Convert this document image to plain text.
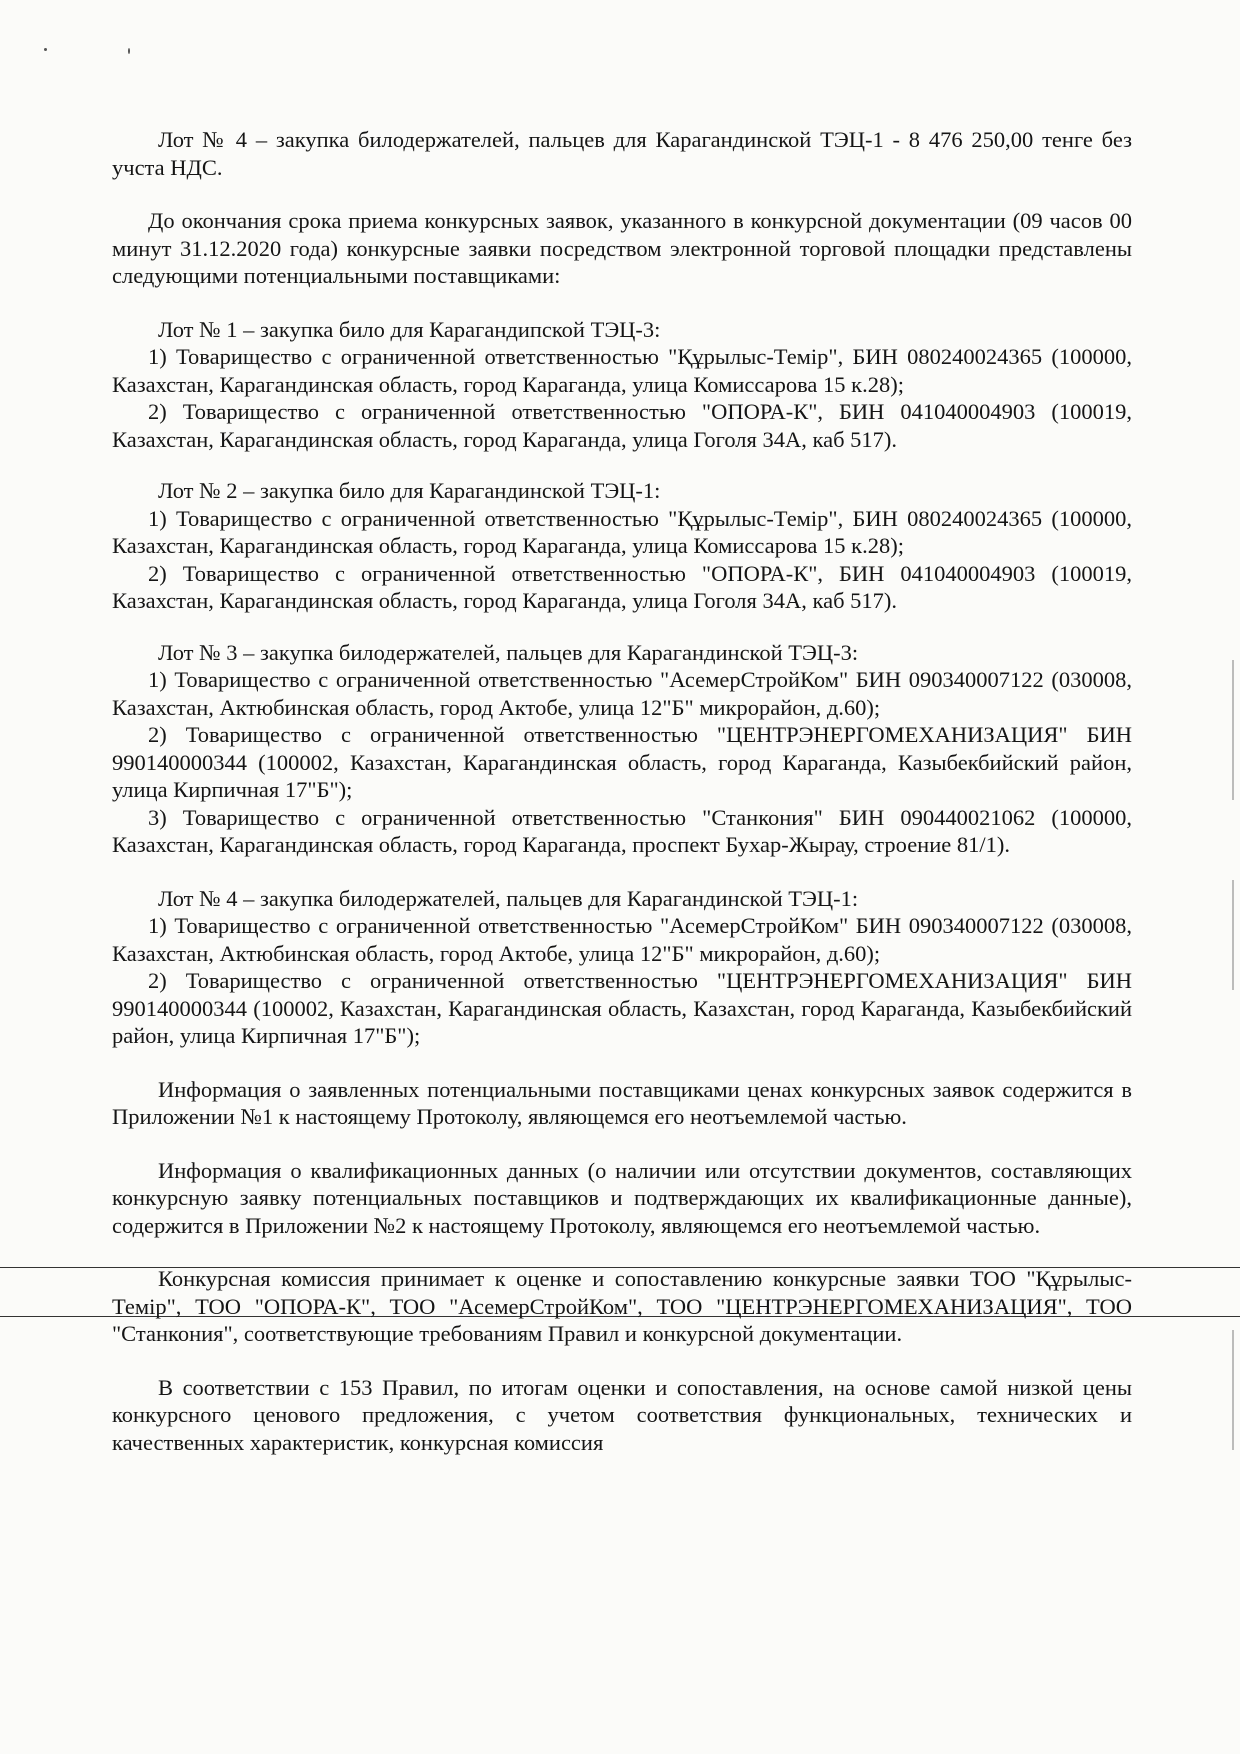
Лот № 4 – закупка билодержателей, пальцев для Карагандинской ТЭЦ-1 - 8 476 250,00 тенге без учста НДС.

До окончания срока приема конкурсных заявок, указанного в конкурсной документации (09 часов 00 минут 31.12.2020 года) конкурсные заявки посредством электронной торговой площадки представлены следующими потенциальными поставщиками:

Лот № 1 – закупка било для Карагандипской ТЭЦ-3:

1) Товарищество с ограниченной ответственностью "Құрылыс-Темір", БИН 080240024365 (100000, Казахстан, Карагандинская область, город Караганда, улица Комиссарова 15 к.28);

2) Товарищество с ограниченной ответственностью "ОПОРА-К", БИН 041040004903 (100019, Казахстан, Карагандинская область, город Караганда, улица Гоголя 34А, каб 517).

Лот № 2 – закупка било для Карагандинской ТЭЦ-1:

1) Товарищество с ограниченной ответственностью "Құрылыс-Темір", БИН 080240024365 (100000, Казахстан, Карагандинская область, город Караганда, улица Комиссарова 15 к.28);

2) Товарищество с ограниченной ответственностью "ОПОРА-К", БИН 041040004903 (100019, Казахстан, Карагандинская область, город Караганда, улица Гоголя 34А, каб 517).

Лот № 3 – закупка билодержателей, пальцев для Карагандинской ТЭЦ-3:

1) Товарищество с ограниченной ответственностью "АсемерСтройКом" БИН 090340007122 (030008, Казахстан, Актюбинская область, город Актобе, улица 12"Б" микрорайон, д.60);

2) Товарищество с ограниченной ответственностью "ЦЕНТРЭНЕРГОМЕХАНИЗАЦИЯ" БИН 990140000344 (100002, Казахстан, Карагандинская область, город Караганда, Казыбекбийский район, улица Кирпичная 17"Б");

3) Товарищество с ограниченной ответственностью "Станкония" БИН 090440021062 (100000, Казахстан, Карагандинская область, город Караганда, проспект Бухар-Жырау, строение 81/1).

Лот № 4 – закупка билодержателей, пальцев для Карагандинской ТЭЦ-1:

1) Товарищество с ограниченной ответственностью "АсемерСтройКом" БИН 090340007122 (030008, Казахстан, Актюбинская область, город Актобе, улица 12"Б" микрорайон, д.60);

2) Товарищество с ограниченной ответственностью "ЦЕНТРЭНЕРГОМЕХАНИЗАЦИЯ" БИН 990140000344 (100002, Казахстан, Карагандинская область, Казахстан, город Караганда, Казыбекбийский район, улица Кирпичная 17"Б");

Информация о заявленных потенциальными поставщиками ценах конкурсных заявок содержится в Приложении №1 к настоящему Протоколу, являющемся его неотъемлемой частью.

Информация о квалификационных данных (о наличии или отсутствии документов, составляющих конкурсную заявку потенциальных поставщиков и подтверждающих их квалификационные данные), содержится в Приложении №2 к настоящему Протоколу, являющемся его неотъемлемой частью.

Конкурсная комиссия принимает к оценке и сопоставлению конкурсные заявки ТОО "Құрылыс-Темір", ТОО "ОПОРА-К", ТОО "АсемерСтройКом", ТОО "ЦЕНТРЭНЕРГОМЕХАНИЗАЦИЯ", ТОО "Станкония", соответствующие требованиям Правил и конкурсной документации.

В соответствии с 153 Правил, по итогам оценки и сопоставления, на основе самой низкой цены конкурсного ценового предложения, с учетом соответствия функциональных, технических и качественных характеристик, конкурсная комиссия
